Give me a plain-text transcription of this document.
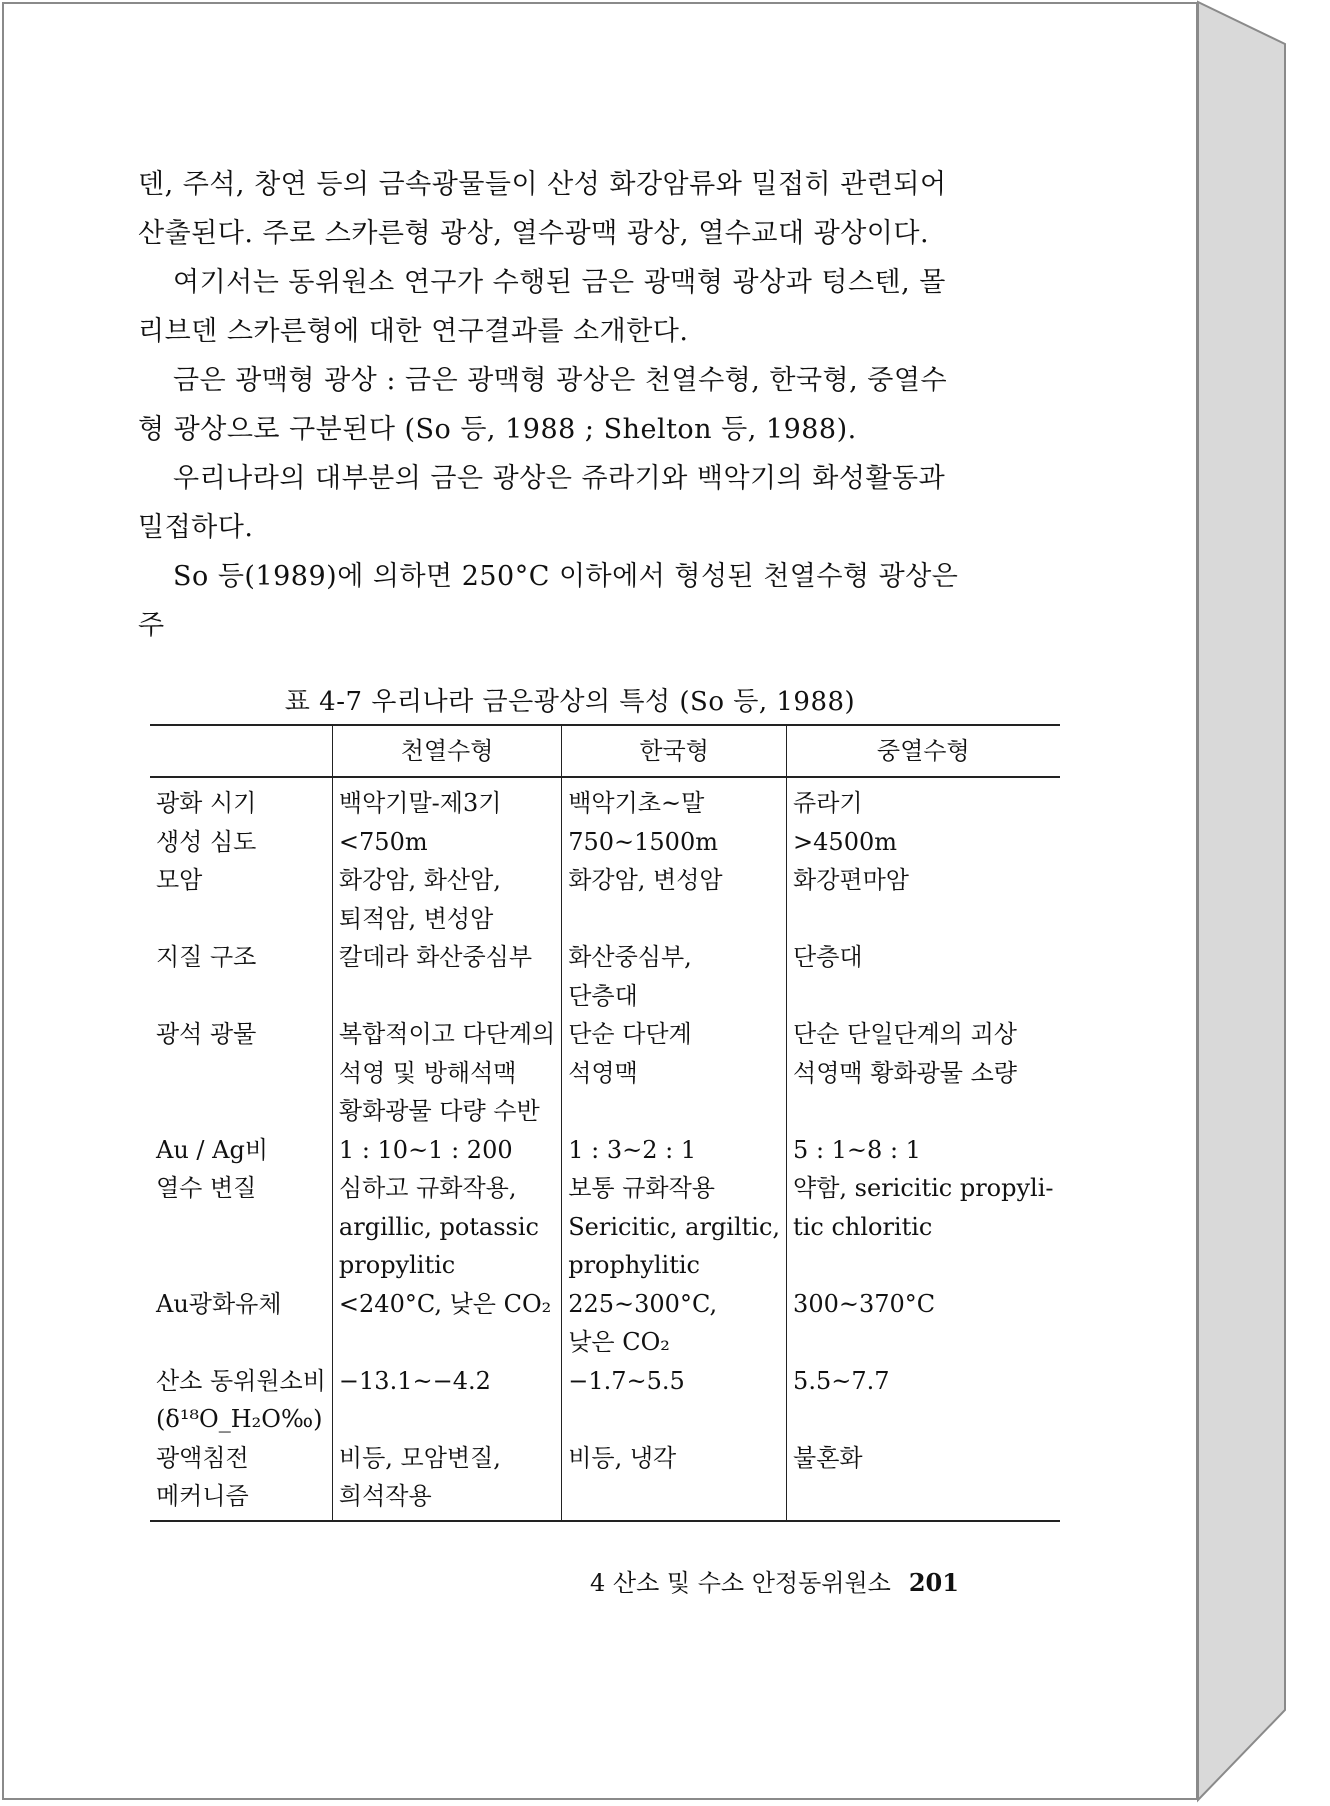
덴, 주석, 창연 등의 금속광물들이 산성 화강암류와 밀접히 관련되어
산출된다. 주로 스카른형 광상, 열수광맥 광상, 열수교대 광상이다.

여기서는 동위원소 연구가 수행된 금은 광맥형 광상과 텅스텐, 몰
리브덴 스카른형에 대한 연구결과를 소개한다.

금은 광맥형 광상 : 금은 광맥형 광상은 천열수형, 한국형, 중열수
형 광상으로 구분된다 (So 등, 1988 ; Shelton 등, 1988).

우리나라의 대부분의 금은 광상은 쥬라기와 백악기의 화성활동과
밀접하다.

So 등(1989)에 의하면 250°C 이하에서 형성된 천열수형 광상은 주

표 4-7 우리나라 금은광상의 특성 (So 등, 1988)
	천열수형	한국형	중열수형

광화 시기	백악기말-제3기	백악기초~말	쥬라기

생성 심도	<750m	750~1500m	>4500m

모암	화강암, 화산암,
퇴적암, 변성암	화강암, 변성암	화강편마암

지질 구조	칼데라 화산중심부	화산중심부,
단층대	단층대

광석 광물	복합적이고 다단계의
석영 및 방해석맥
황화광물 다량 수반	단순 다단계
석영맥	단순 단일단계의 괴상
석영맥 황화광물 소량

Au / Ag비	1 : 10~1 : 200	1 : 3~2 : 1	5 : 1~8 : 1

열수 변질	심하고 규화작용,
argillic, potassic
propylitic	보통 규화작용
Sericitic, argiltic,
prophylitic	약함, sericitic propyli-
tic chloritic

Au광화유체	<240°C, 낮은 CO₂	225~300°C,
낮은 CO₂	300~370°C

산소 동위원소비
(δ¹⁸O_H₂O‰)	−13.1~−4.2	−1.7~5.5	5.5~7.7

광액침전
메커니즘	비등, 모암변질,
희석작용	비등, 냉각	불혼화
4 산소 및 수소 안정동위원소 201
